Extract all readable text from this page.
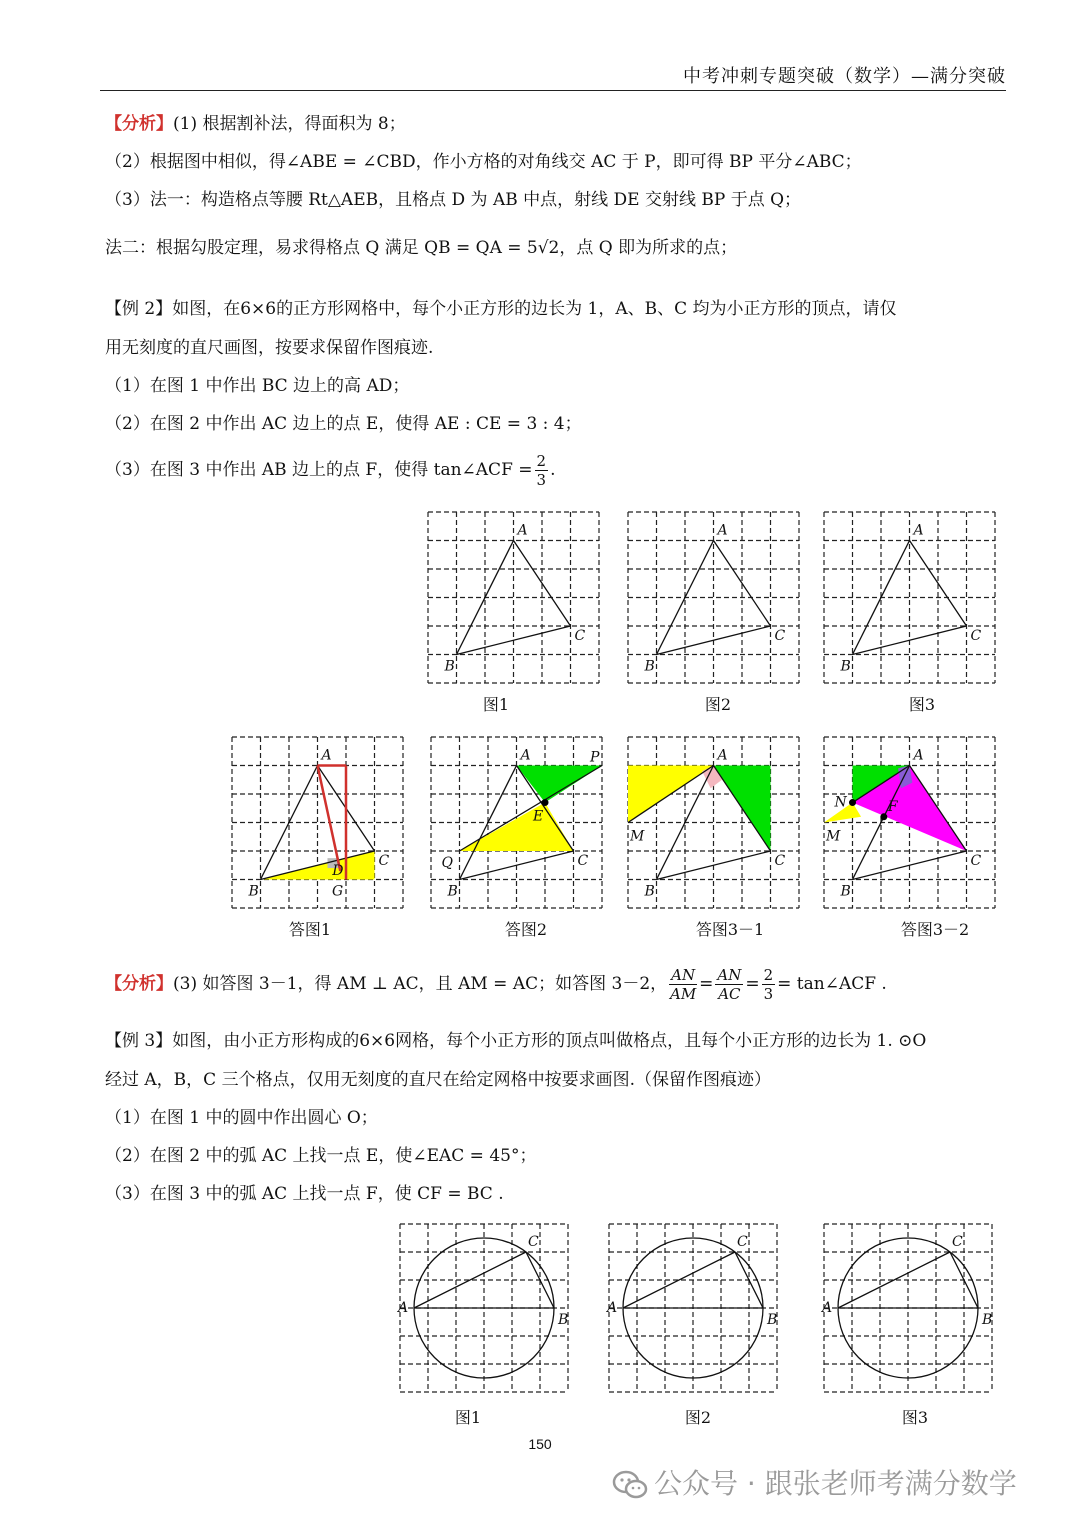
中考冲刺专题突破（数学）—满分突破
【分析】(1) 根据割补法，得面积为 8；
（2）根据图中相似，得∠ABE = ∠CBD，作小方格的对角线交 AC 于 P，即可得 BP 平分∠ABC；
（3）法一：构造格点等腰 Rt△AEB，且格点 D 为 AB 中点，射线 DE 交射线 BP 于点 Q；
法二：根据勾股定理，易求得格点 Q 满足 QB = QA = 5√2，点 Q 即为所求的点；
【例 2】如图，在6×6的正方形网格中，每个小正方形的边长为 1，A、B、C 均为小正方形的顶点，请仅
用无刻度的直尺画图，按要求保留作图痕迹.
（1）在图 1 中作出 BC 边上的高 AD；
（2）在图 2 中作出 AC 边上的点 E，使得 AE : CE = 3 : 4；
（3）在图 3 中作出 AB 边上的点 F，使得 tan∠ACF = $\frac{2}{3}$ .
A
B
C
A
B
C
A
B
C
图1	图2	图3
A
B
C
D
G
A
B
C
P
E
Q
A
B
C
M
A
B
C
N	F
M
答图1	答图2	答图3－1	答图3－2
【分析】(3) 如答图 3－1，得 AM ⊥ AC，且 AM = AC；如答图 3－2， $\frac{AN}{AM} = \frac{AN}{AC} = \frac{2}{3}$ = tan∠ACF .
【例 3】如图，由小正方形构成的6×6网格，每个小正方形的顶点叫做格点，且每个小正方形的边长为 1. ⊙O
经过 A，B，C 三个格点，仅用无刻度的直尺在给定网格中按要求画图.（保留作图痕迹）
（1）在图 1 中的圆中作出圆心 O；
（2）在图 2 中的弧 AC 上找一点 E，使∠EAC = 45°；
（3）在图 3 中的弧 AC 上找一点 F，使 CF = BC .
A
B
C
A
B
C
A
B
C
图1	图2	图3
150
公众号 · 跟张老师考满分数学
